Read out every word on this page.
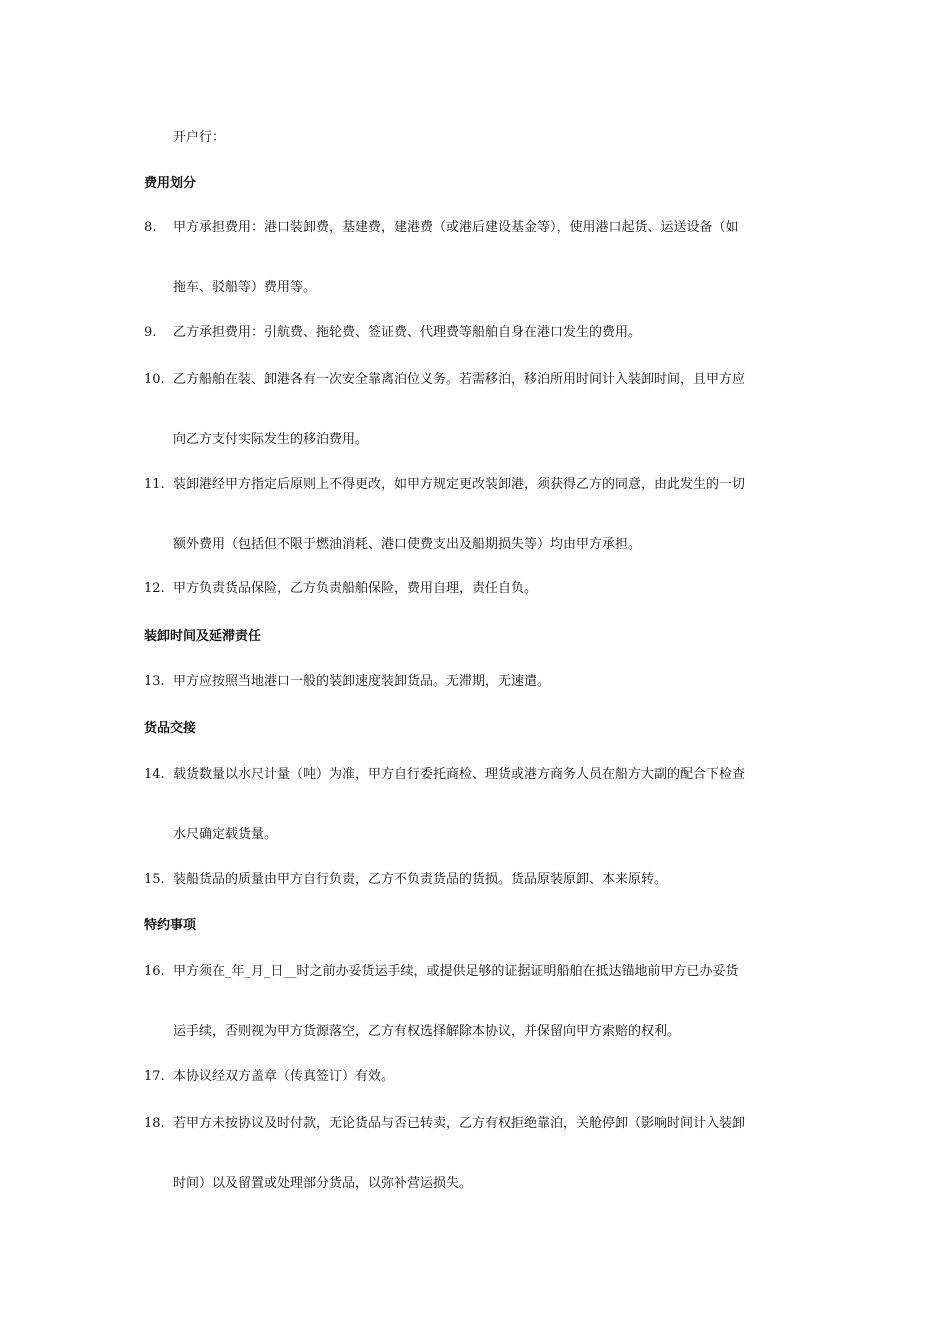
开户行：
费用划分
8. 甲方承担费用：港口装卸费，基建费，建港费（或港后建设基金等），使用港口起货、运送设备（如
拖车、驳船等）费用等。
9. 乙方承担费用：引航费、拖轮费、签证费、代理费等船舶自身在港口发生的费用。
10. 乙方船舶在装、卸港各有一次安全靠离泊位义务。若需移泊，移泊所用时间计入装卸时间，且甲方应
向乙方支付实际发生的移泊费用。
11. 装卸港经甲方指定后原则上不得更改，如甲方规定更改装卸港，须获得乙方的同意，由此发生的一切
额外费用（包括但不限于燃油消耗、港口使费支出及船期损失等）均由甲方承担。
12. 甲方负责货品保险，乙方负责船舶保险，费用自理，责任自负。
装卸时间及延滞责任
13. 甲方应按照当地港口一般的装卸速度装卸货品。无滞期，无速遣。
货品交接
14. 载货数量以水尺计量（吨）为准，甲方自行委托商检、理货或港方商务人员在船方大副的配合下检查
水尺确定载货量。
15. 装船货品的质量由甲方自行负责，乙方不负责货品的货损。货品原装原卸、本来原转。
特约事项
16. 甲方须在_年_月_日__时之前办妥货运手续，或提供足够的证据证明船舶在抵达锚地前甲方已办妥货
运手续，否则视为甲方货源落空，乙方有权选择解除本协议，并保留向甲方索赔的权利。
17. 本协议经双方盖章（传真签订）有效。
18. 若甲方未按协议及时付款，无论货品与否已转卖，乙方有权拒绝靠泊，关舱停卸（影响时间计入装卸
时间）以及留置或处理部分货品，以弥补营运损失。
